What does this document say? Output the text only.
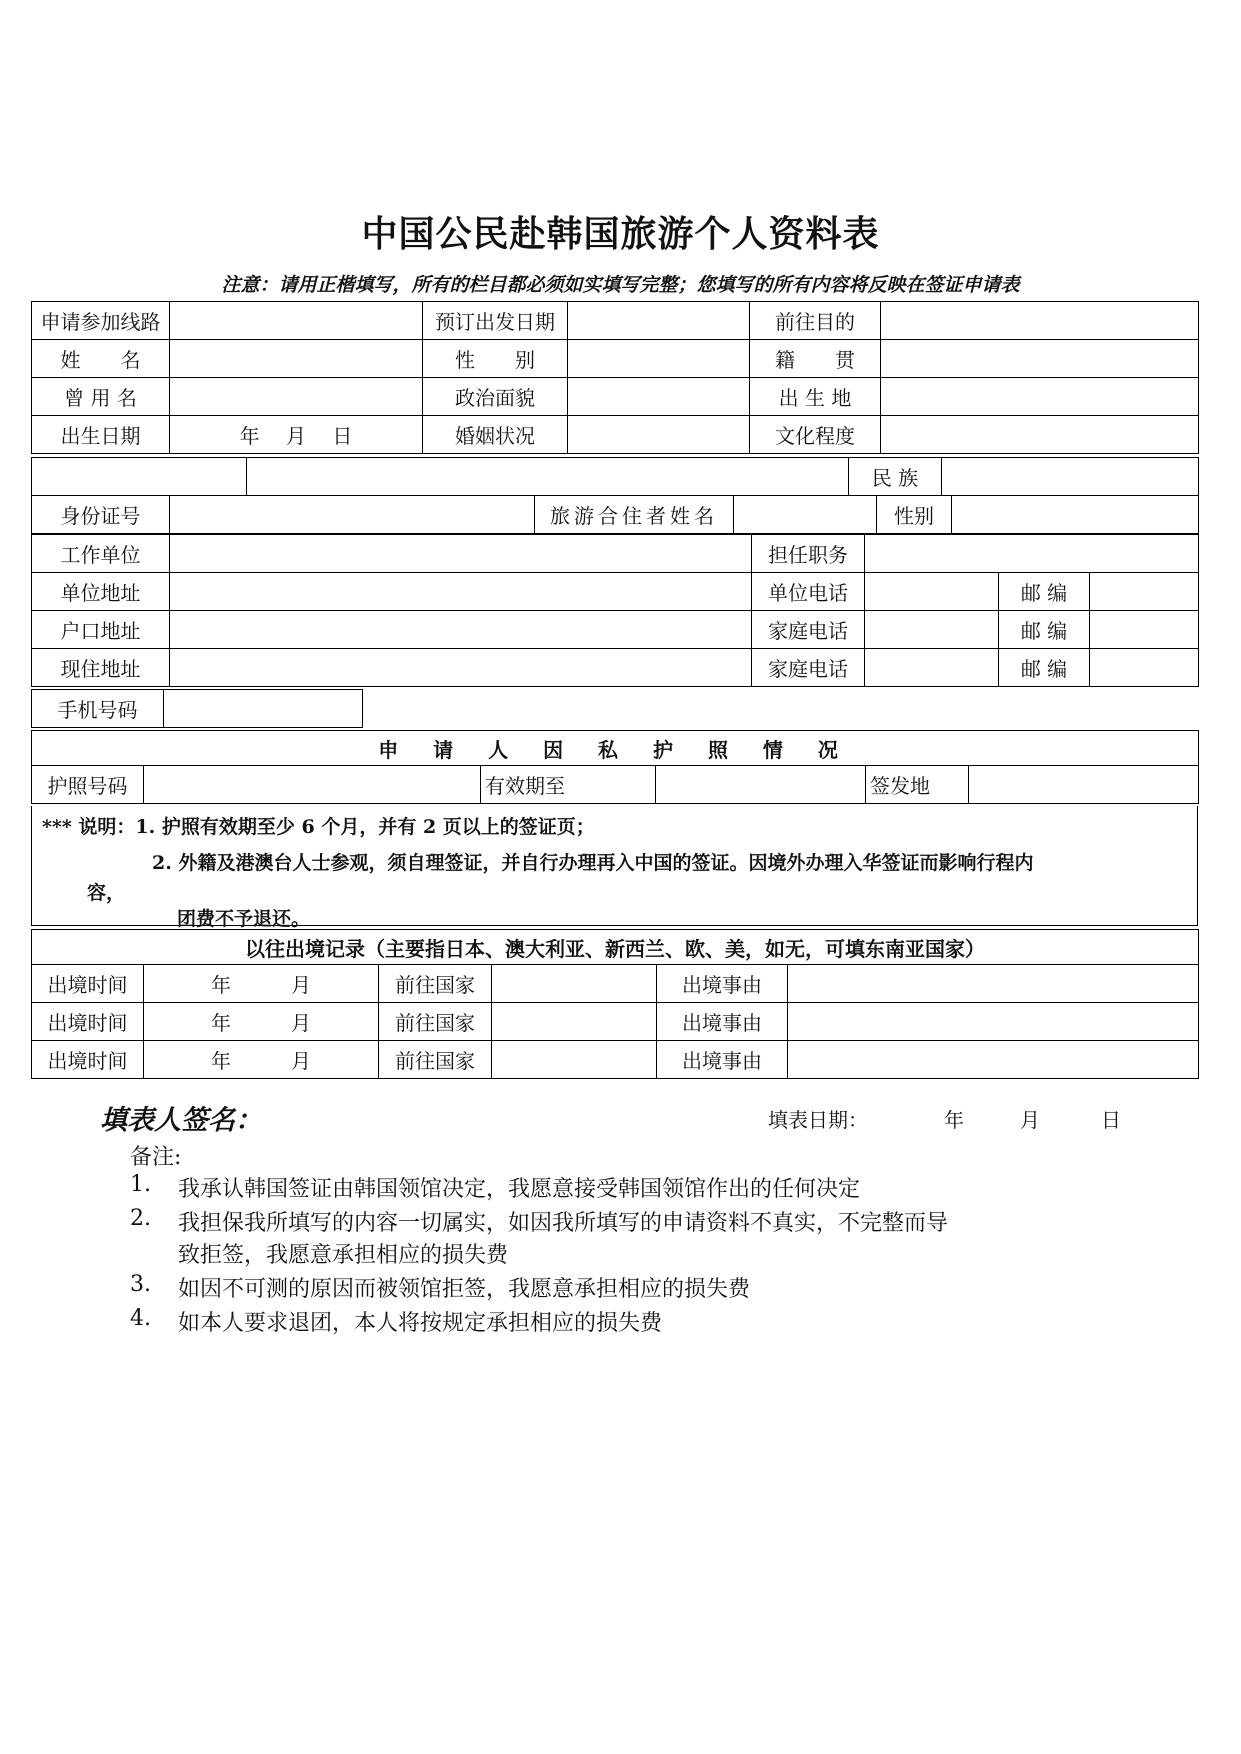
中国公民赴韩国旅游个人资料表
注意：请用正楷填写，所有的栏目都必须如实填写完整；您填写的所有内容将反映在签证申请表
申请参加线路		预订出发日期		前往目的	
姓　　名		性　　别		籍　　贯	
曾 用 名		政治面貌		出 生 地	
出生日期	年　 月　 日	婚姻状况		文化程度	
		民 族	
身份证号		旅游合住者姓名		性别	
工作单位		担任职务			
单位地址		单位电话		邮 编	
户口地址		家庭电话		邮 编	
现住地址		家庭电话		邮 编	
手机号码		
申 请 人 因 私 护 照 情 况
护照号码		有效期至		签发地	
*** 说明：1. 护照有效期至少 6 个月，并有 2 页以上的签证页；
2. 外籍及港澳台人士参观，须自理签证，并自行办理再入中国的签证。因境外办理入华签证而影响行程内
容，
团费不予退还。
以往出境记录（主要指日本、澳大利亚、新西兰、欧、美，如无，可填东南亚国家）					
出境时间	年　　　月	前往国家		出境事由	
出境时间	年　　　月	前往国家		出境事由	
出境时间	年　　　月	前往国家		出境事由	
填表人签名：	填表日期：	年	月	日
备注:
1. 我承认韩国签证由韩国领馆决定，我愿意接受韩国领馆作出的任何决定
2. 我担保我所填写的内容一切属实，如因我所填写的申请资料不真实，不完整而导
致拒签，我愿意承担相应的损失费
3. 如因不可测的原因而被领馆拒签，我愿意承担相应的损失费
4. 如本人要求退团，本人将按规定承担相应的损失费
